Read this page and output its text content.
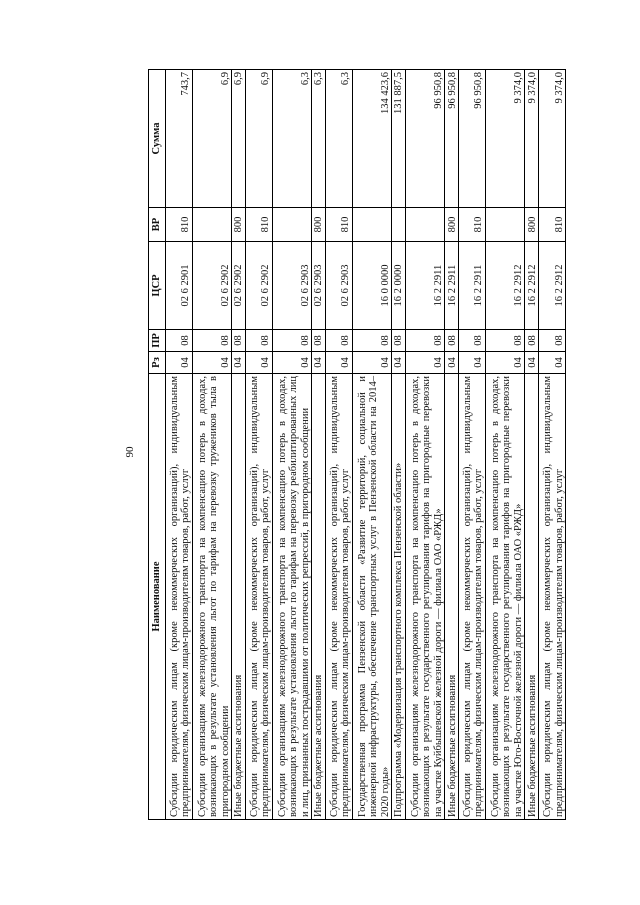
90
Наименование	Рз	ПР	ЦСР	ВР	Сумма
Субсидии юридическим лицам (кроме некоммерческих организаций), индивидуальным предпринимателям, физическим лицам-производителям товаров, работ, услуг	04	08	02 6 2901	810	743,7
Субсидии организациям железнодорожного транспорта на компенсацию потерь в доходах, возникающих в результате установления льгот по тарифам на перевозку тружеников тыла в пригородном сообщении	04	08	02 6 2902		6,9
Иные бюджетные ассигнования	04	08	02 6 2902	800	6,9
Субсидии юридическим лицам (кроме некоммерческих организаций), индивидуальным предпринимателям, физическим лицам-производителям товаров, работ, услуг	04	08	02 6 2902	810	6,9
Субсидии организациям железнодорожного транспорта на компенсацию потерь в доходах, возникающих в результате установления льгот по тарифам на перевозку реабилитированных лиц и лиц, признанных пострадавшими от политических репрессий, в пригородном сообщении	04	08	02 6 2903		6,3
Иные бюджетные ассигнования	04	08	02 6 2903	800	6,3
Субсидии юридическим лицам (кроме некоммерческих организаций), индивидуальным предпринимателям, физическим лицам-производителям товаров, работ, услуг	04	08	02 6 2903	810	6,3
Государственная программа Пензенской области «Развитие территорий, социальной и инженерной инфраструктуры, обеспечение транспортных услуг в Пензенской области на 2014–2020 годы»	04	08	16 0 0000		134 423,6
Подпрограмма «Модернизация транспортного комплекса Пензенской области»	04	08	16 2 0000		131 887,5
Субсидии организациям железнодорожного транспорта на компенсацию потерь в доходах, возникающих в результате государственного регулирования тарифов на пригородные перевозки на участке Куйбышевской железной дороги — филиала ОАО «РЖД»	04	08	16 2 2911		96 950,8
Иные бюджетные ассигнования	04	08	16 2 2911	800	96 950,8
Субсидии юридическим лицам (кроме некоммерческих организаций), индивидуальным предпринимателям, физическим лицам-производителям товаров, работ, услуг	04	08	16 2 2911	810	96 950,8
Субсидии организациям железнодорожного транспорта на компенсацию потерь в доходах, возникающих в результате государственного регулирования тарифов на пригородные перевозки на участке Юго-Восточной железной дороги — филиала ОАО «РЖД»	04	08	16 2 2912		9 374,0
Иные бюджетные ассигнования	04	08	16 2 2912	800	9 374,0
Субсидии юридическим лицам (кроме некоммерческих организаций), индивидуальным предпринимателям, физическим лицам-производителям товаров, работ, услуг	04	08	16 2 2912	810	9 374,0
